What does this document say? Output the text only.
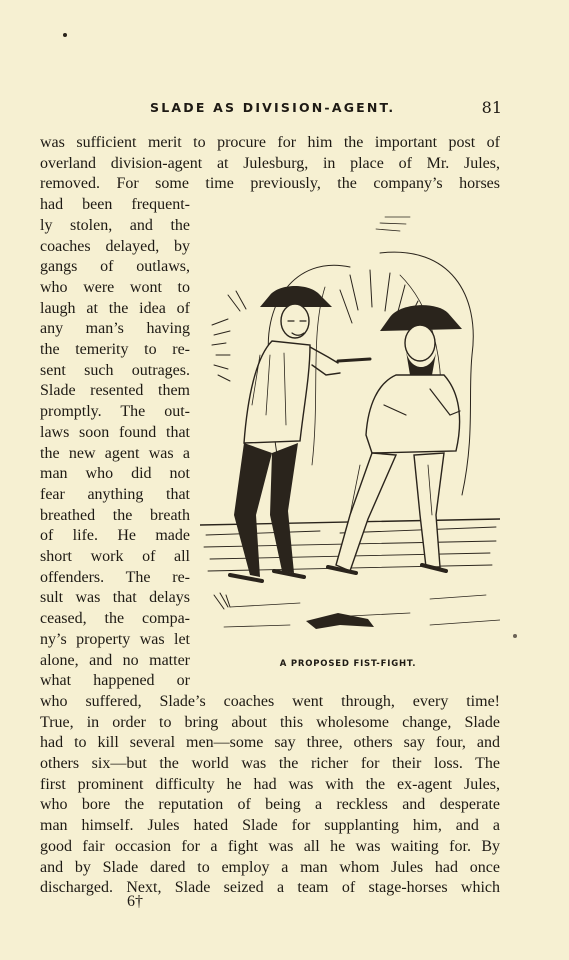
SLADE AS DIVISION-AGENT.	81
was sufficient merit to procure for him the important post of
overland division-agent at Julesburg, in place of Mr. Jules,
removed. For some time previously, the company’s horses
had been frequent-
ly stolen, and the
coaches delayed, by
gangs of outlaws,
who were wont to
laugh at the idea of
any man’s having
the temerity to re-
sent such outrages.
Slade resented them
promptly. The out-
laws soon found that
the new agent was a
man who did not
fear anything that
breathed the breath
of life. He made
short work of all
offenders. The re-
sult was that delays
ceased, the compa-
ny’s property was let
alone, and no matter
what happened or
who suffered, Slade’s coaches went through, every time!
True, in order to bring about this wholesome change, Slade
had to kill several men—some say three, others say four, and
others six—but the world was the richer for their loss. The
first prominent difficulty he had was with the ex-agent Jules,
who bore the reputation of being a reckless and desperate
man himself. Jules hated Slade for supplanting him, and a
good fair occasion for a fight was all he was waiting for. By
and by Slade dared to employ a man whom Jules had once
discharged. Next, Slade seized a team of stage-horses which
A PROPOSED FIST-FIGHT.
6†
